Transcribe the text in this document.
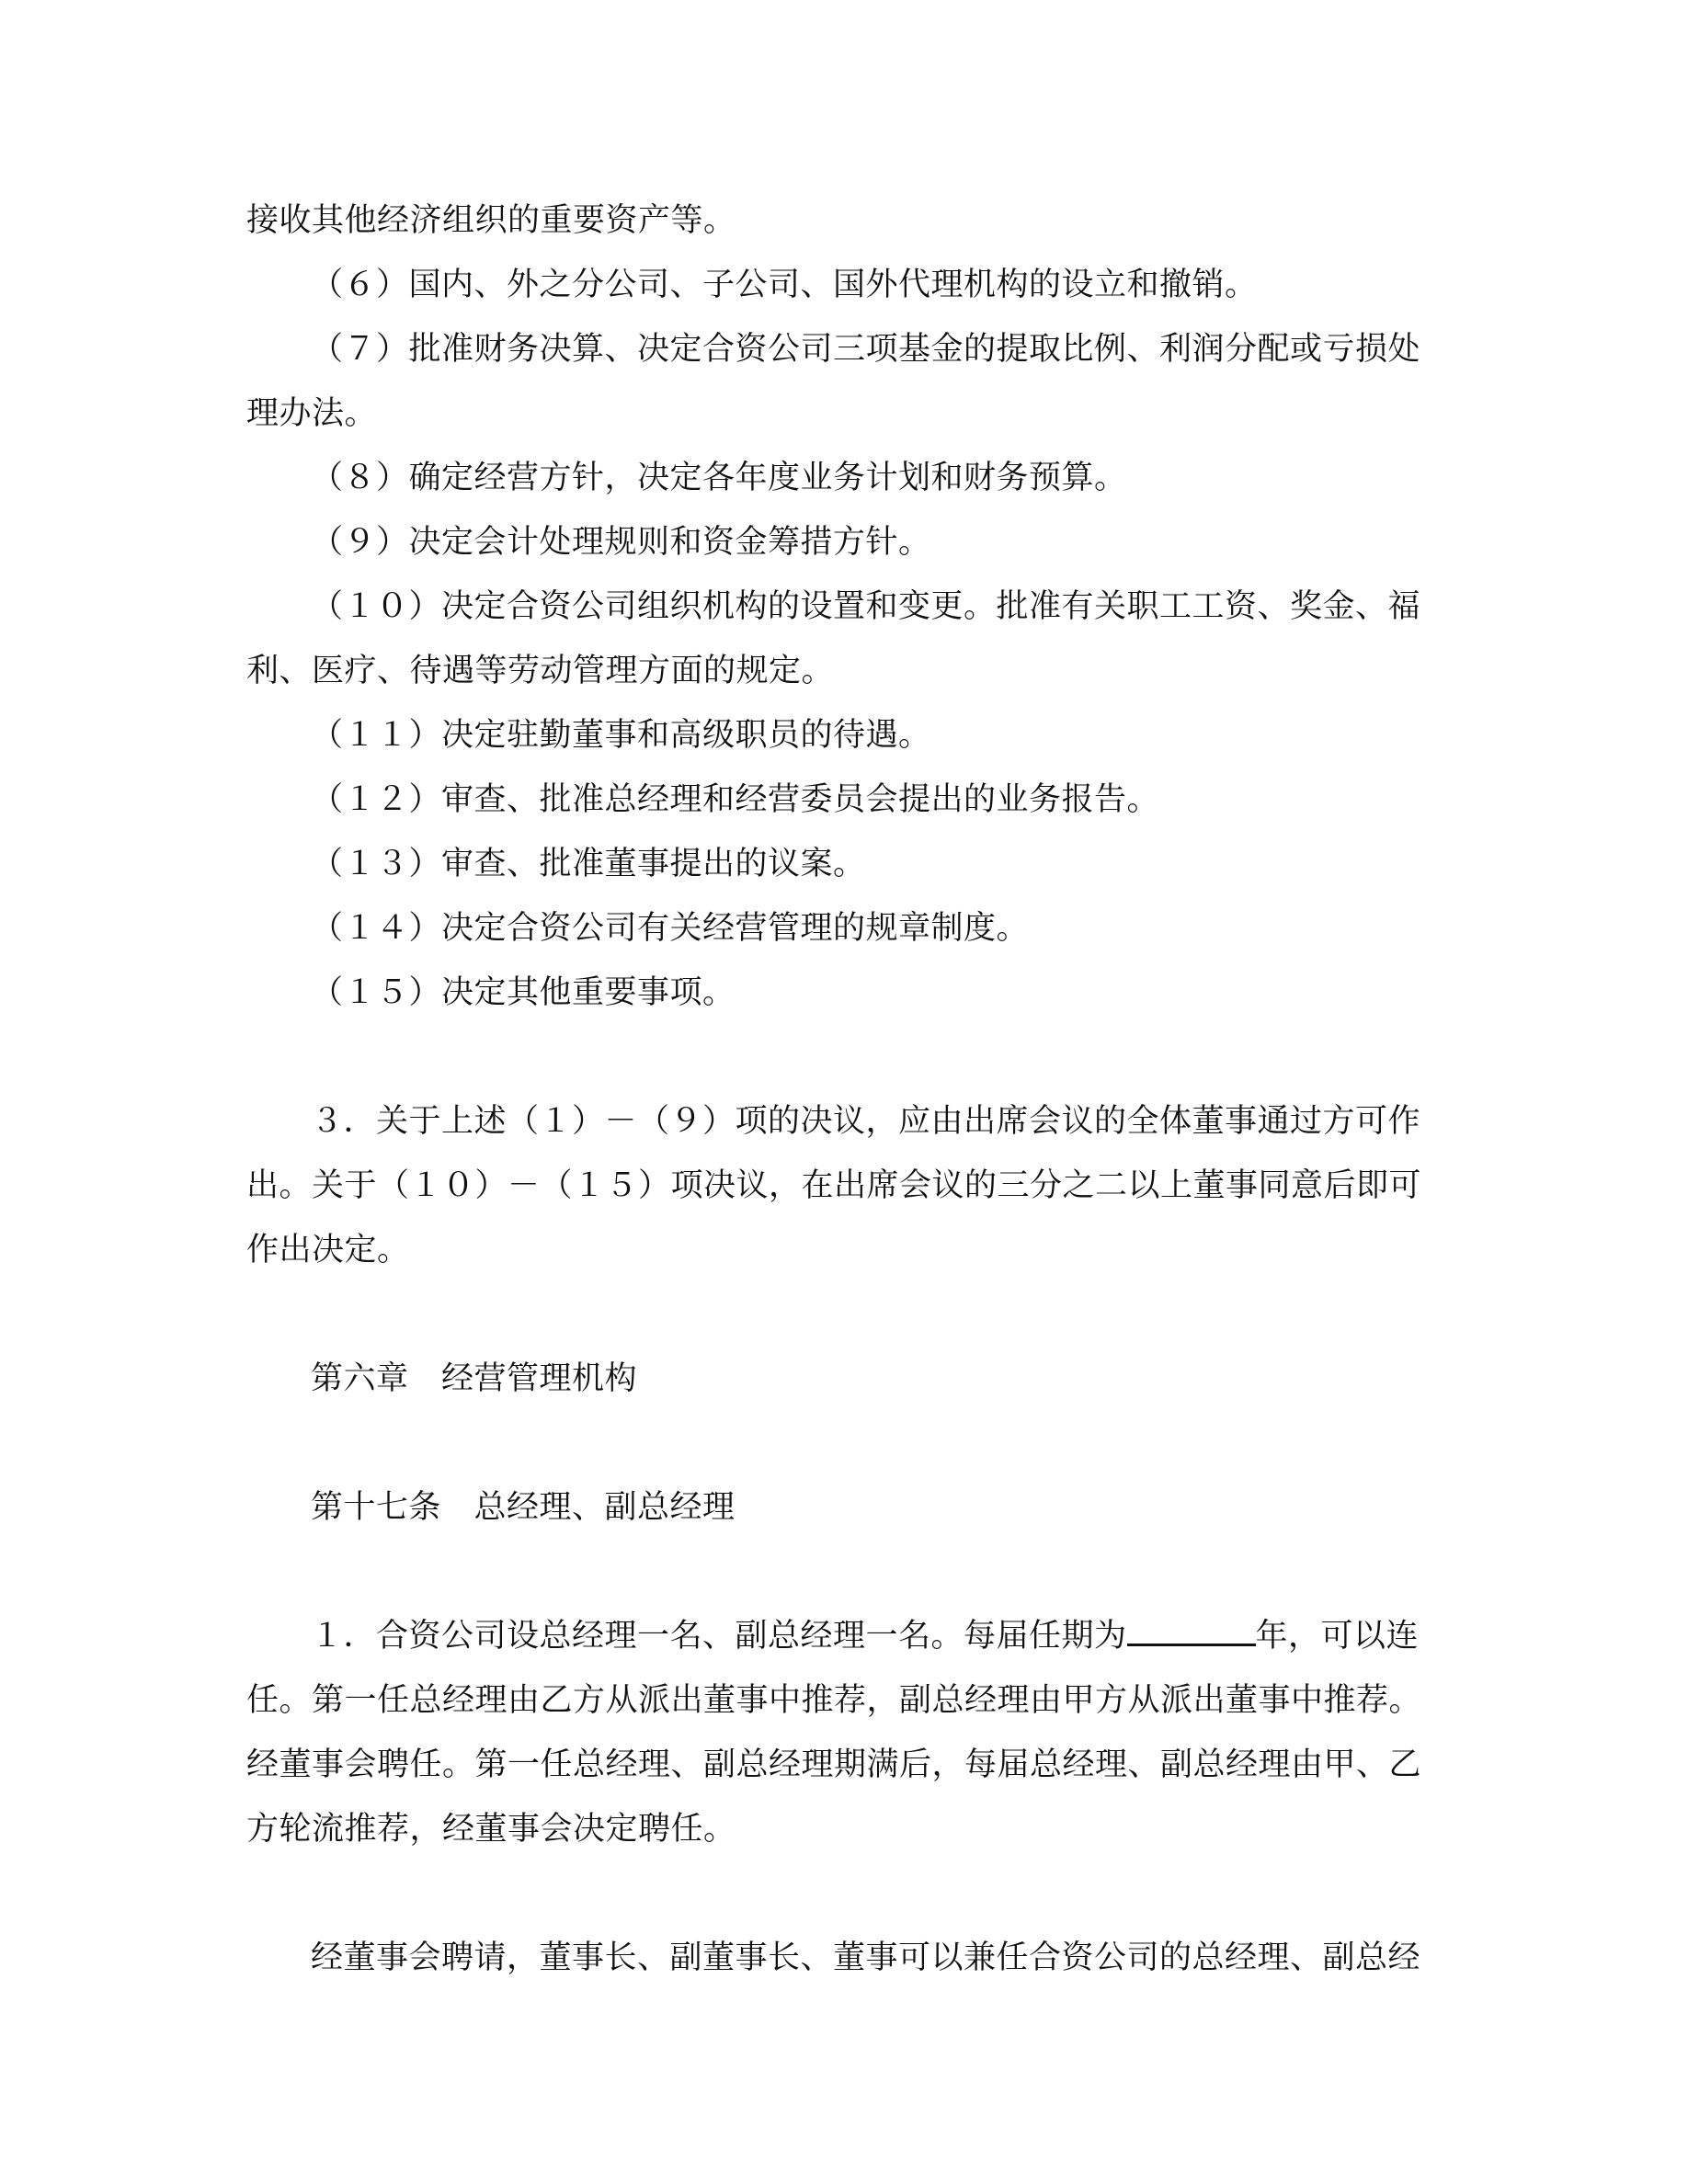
接收其他经济组织的重要资产等。

（６）国内、外之分公司、子公司、国外代理机构的设立和撤销。

（７）批准财务决算、决定合资公司三项基金的提取比例、利润分配或亏损处

理办法。

（８）确定经营方针，决定各年度业务计划和财务预算。

（９）决定会计处理规则和资金筹措方针。

（１０）决定合资公司组织机构的设置和变更。批准有关职工工资、奖金、福

利、医疗、待遇等劳动管理方面的规定。

（１１）决定驻勤董事和高级职员的待遇。

（１２）审查、批准总经理和经营委员会提出的业务报告。

（１３）审查、批准董事提出的议案。

（１４）决定合资公司有关经营管理的规章制度。

（１５）决定其他重要事项。

３．关于上述（１）－（９）项的决议，应由出席会议的全体董事通过方可作

出。关于（１０）－（１５）项决议，在出席会议的三分之二以上董事同意后即可

作出决定。

第六章　经营管理机构

第十七条　总经理、副总经理

１．合资公司设总经理一名、副总经理一名。每届任期为	年，可以连

任。第一任总经理由乙方从派出董事中推荐，副总经理由甲方从派出董事中推荐。

经董事会聘任。第一任总经理、副总经理期满后，每届总经理、副总经理由甲、乙

方轮流推荐，经董事会决定聘任。

经董事会聘请，董事长、副董事长、董事可以兼任合资公司的总经理、副总经
